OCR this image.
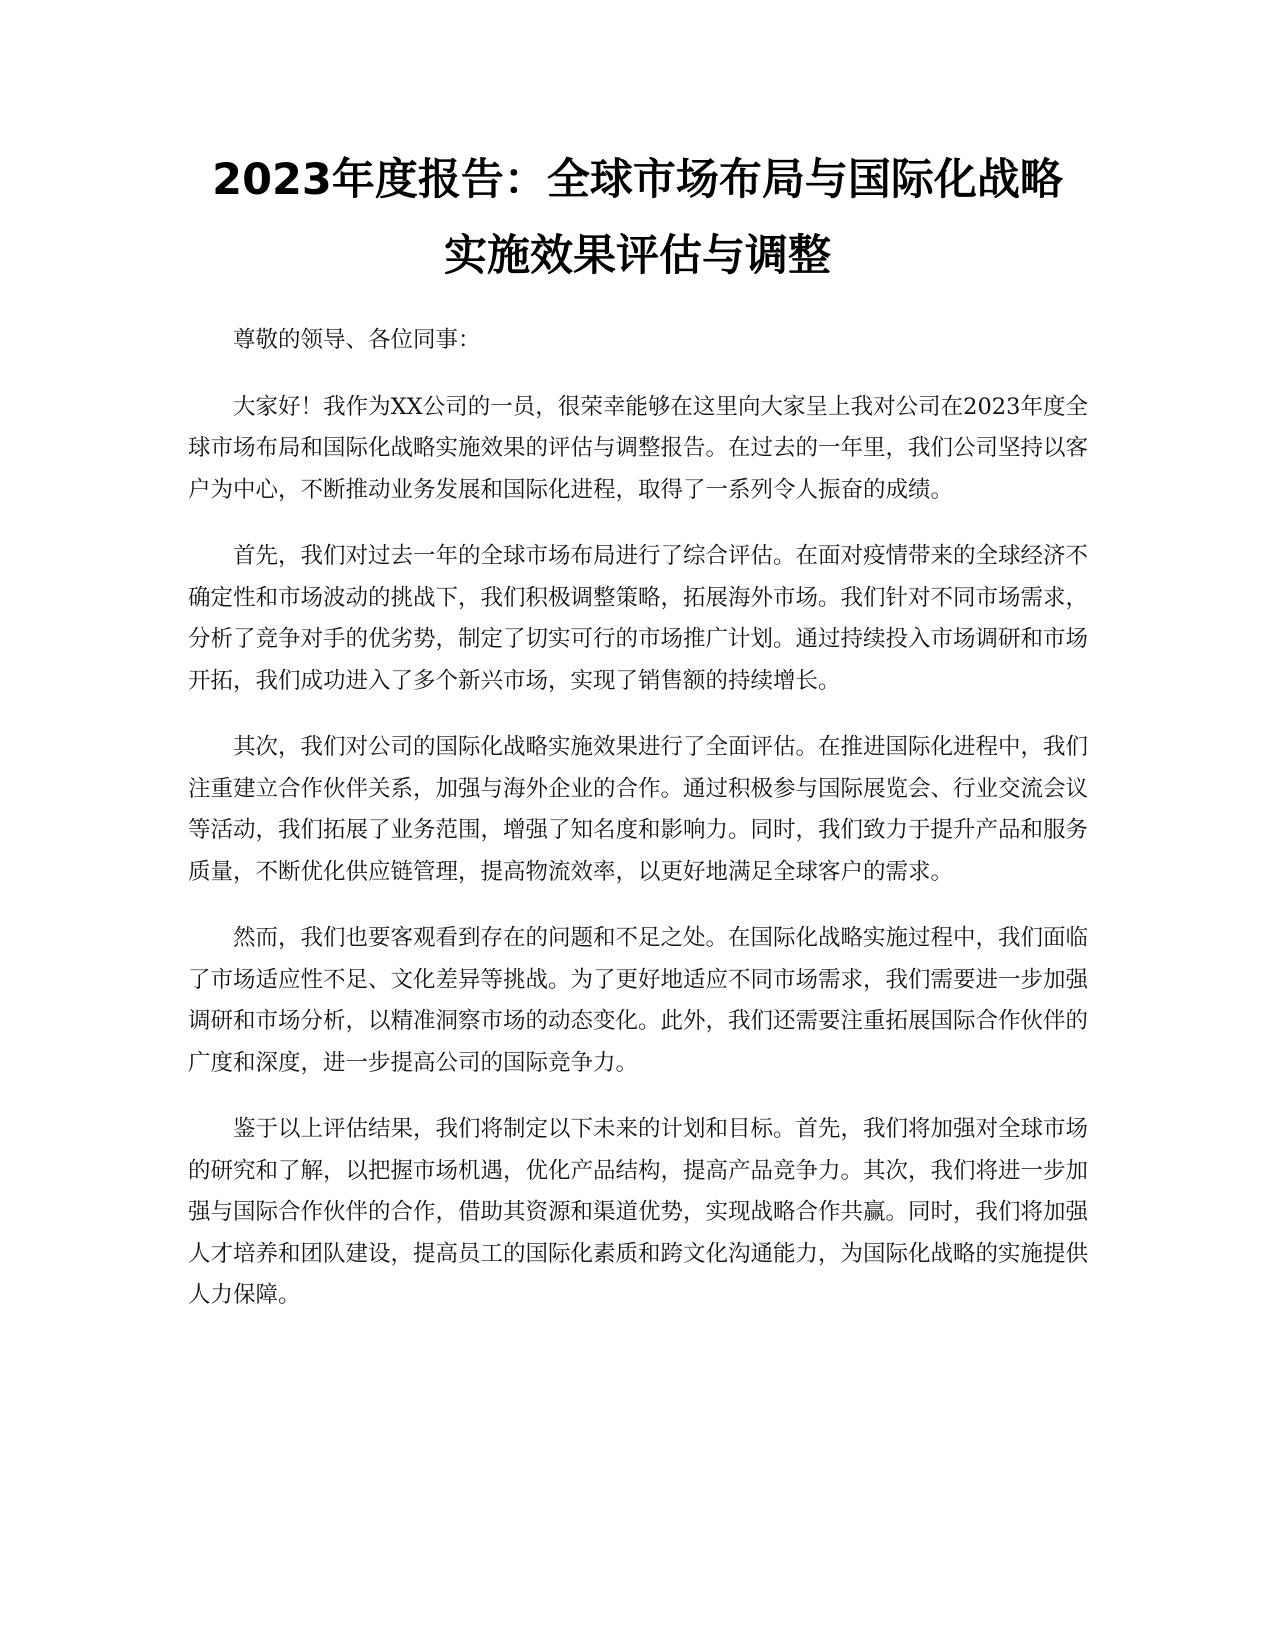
2023年度报告：全球市场布局与国际化战略
实施效果评估与调整

尊敬的领导、各位同事：

大家好！我作为XX公司的一员，很荣幸能够在这里向大家呈上我对公司在2023年度全球市场布局和国际化战略实施效果的评估与调整报告。在过去的一年里，我们公司坚持以客户为中心，不断推动业务发展和国际化进程，取得了一系列令人振奋的成绩。

首先，我们对过去一年的全球市场布局进行了综合评估。在面对疫情带来的全球经济不确定性和市场波动的挑战下，我们积极调整策略，拓展海外市场。我们针对不同市场需求，分析了竞争对手的优劣势，制定了切实可行的市场推广计划。通过持续投入市场调研和市场开拓，我们成功进入了多个新兴市场，实现了销售额的持续增长。

其次，我们对公司的国际化战略实施效果进行了全面评估。在推进国际化进程中，我们注重建立合作伙伴关系，加强与海外企业的合作。通过积极参与国际展览会、行业交流会议等活动，我们拓展了业务范围，增强了知名度和影响力。同时，我们致力于提升产品和服务质量，不断优化供应链管理，提高物流效率，以更好地满足全球客户的需求。

然而，我们也要客观看到存在的问题和不足之处。在国际化战略实施过程中，我们面临了市场适应性不足、文化差异等挑战。为了更好地适应不同市场需求，我们需要进一步加强调研和市场分析，以精准洞察市场的动态变化。此外，我们还需要注重拓展国际合作伙伴的广度和深度，进一步提高公司的国际竞争力。

鉴于以上评估结果，我们将制定以下未来的计划和目标。首先，我们将加强对全球市场的研究和了解，以把握市场机遇，优化产品结构，提高产品竞争力。其次，我们将进一步加强与国际合作伙伴的合作，借助其资源和渠道优势，实现战略合作共赢。同时，我们将加强人才培养和团队建设，提高员工的国际化素质和跨文化沟通能力，为国际化战略的实施提供人力保障。
